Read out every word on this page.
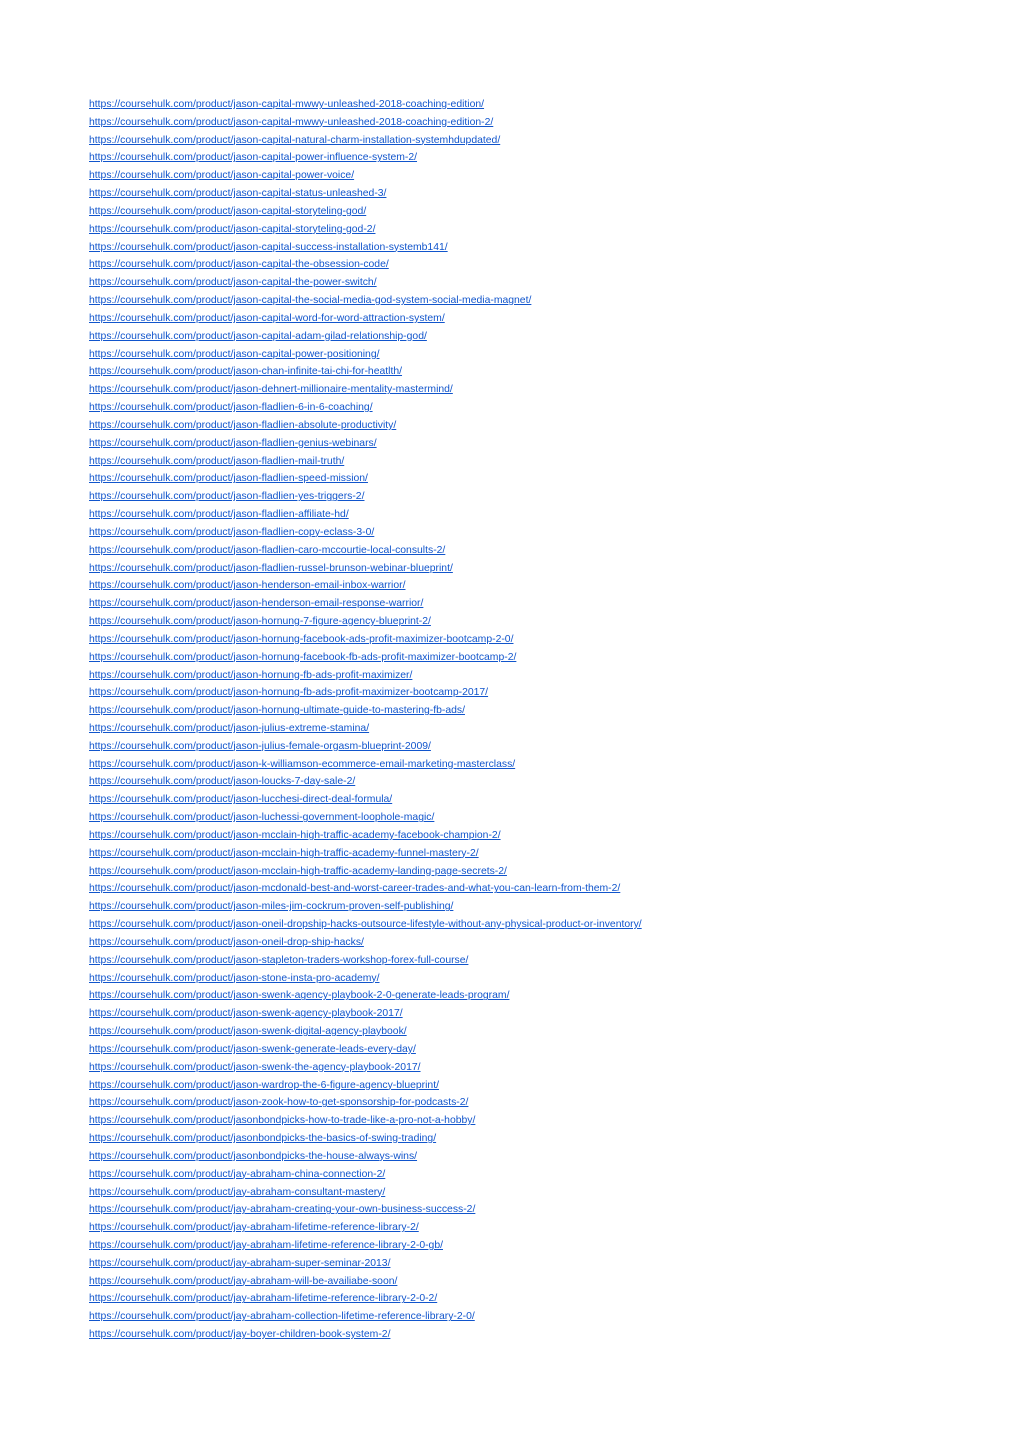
https://coursehulk.com/product/jason-capital-mwwy-unleashed-2018-coaching-edition/
https://coursehulk.com/product/jason-capital-mwwy-unleashed-2018-coaching-edition-2/
https://coursehulk.com/product/jason-capital-natural-charm-installation-systemhdupdated/
https://coursehulk.com/product/jason-capital-power-influence-system-2/
https://coursehulk.com/product/jason-capital-power-voice/
https://coursehulk.com/product/jason-capital-status-unleashed-3/
https://coursehulk.com/product/jason-capital-storyteling-god/
https://coursehulk.com/product/jason-capital-storyteling-god-2/
https://coursehulk.com/product/jason-capital-success-installation-systemb141/
https://coursehulk.com/product/jason-capital-the-obsession-code/
https://coursehulk.com/product/jason-capital-the-power-switch/
https://coursehulk.com/product/jason-capital-the-social-media-god-system-social-media-magnet/
https://coursehulk.com/product/jason-capital-word-for-word-attraction-system/
https://coursehulk.com/product/jason-capital-adam-gilad-relationship-god/
https://coursehulk.com/product/jason-capital-power-positioning/
https://coursehulk.com/product/jason-chan-infinite-tai-chi-for-heatlth/
https://coursehulk.com/product/jason-dehnert-millionaire-mentality-mastermind/
https://coursehulk.com/product/jason-fladlien-6-in-6-coaching/
https://coursehulk.com/product/jason-fladlien-absolute-productivity/
https://coursehulk.com/product/jason-fladlien-genius-webinars/
https://coursehulk.com/product/jason-fladlien-mail-truth/
https://coursehulk.com/product/jason-fladlien-speed-mission/
https://coursehulk.com/product/jason-fladlien-yes-triggers-2/
https://coursehulk.com/product/jason-fladlien-affiliate-hd/
https://coursehulk.com/product/jason-fladlien-copy-eclass-3-0/
https://coursehulk.com/product/jason-fladlien-caro-mccourtie-local-consults-2/
https://coursehulk.com/product/jason-fladlien-russel-brunson-webinar-blueprint/
https://coursehulk.com/product/jason-henderson-email-inbox-warrior/
https://coursehulk.com/product/jason-henderson-email-response-warrior/
https://coursehulk.com/product/jason-hornung-7-figure-agency-blueprint-2/
https://coursehulk.com/product/jason-hornung-facebook-ads-profit-maximizer-bootcamp-2-0/
https://coursehulk.com/product/jason-hornung-facebook-fb-ads-profit-maximizer-bootcamp-2/
https://coursehulk.com/product/jason-hornung-fb-ads-profit-maximizer/
https://coursehulk.com/product/jason-hornung-fb-ads-profit-maximizer-bootcamp-2017/
https://coursehulk.com/product/jason-hornung-ultimate-guide-to-mastering-fb-ads/
https://coursehulk.com/product/jason-julius-extreme-stamina/
https://coursehulk.com/product/jason-julius-female-orgasm-blueprint-2009/
https://coursehulk.com/product/jason-k-williamson-ecommerce-email-marketing-masterclass/
https://coursehulk.com/product/jason-loucks-7-day-sale-2/
https://coursehulk.com/product/jason-lucchesi-direct-deal-formula/
https://coursehulk.com/product/jason-luchessi-government-loophole-magic/
https://coursehulk.com/product/jason-mcclain-high-traffic-academy-facebook-champion-2/
https://coursehulk.com/product/jason-mcclain-high-traffic-academy-funnel-mastery-2/
https://coursehulk.com/product/jason-mcclain-high-traffic-academy-landing-page-secrets-2/
https://coursehulk.com/product/jason-mcdonald-best-and-worst-career-trades-and-what-you-can-learn-from-them-2/
https://coursehulk.com/product/jason-miles-jim-cockrum-proven-self-publishing/
https://coursehulk.com/product/jason-oneil-dropship-hacks-outsource-lifestyle-without-any-physical-product-or-inventory/
https://coursehulk.com/product/jason-oneil-drop-ship-hacks/
https://coursehulk.com/product/jason-stapleton-traders-workshop-forex-full-course/
https://coursehulk.com/product/jason-stone-insta-pro-academy/
https://coursehulk.com/product/jason-swenk-agency-playbook-2-0-generate-leads-program/
https://coursehulk.com/product/jason-swenk-agency-playbook-2017/
https://coursehulk.com/product/jason-swenk-digital-agency-playbook/
https://coursehulk.com/product/jason-swenk-generate-leads-every-day/
https://coursehulk.com/product/jason-swenk-the-agency-playbook-2017/
https://coursehulk.com/product/jason-wardrop-the-6-figure-agency-blueprint/
https://coursehulk.com/product/jason-zook-how-to-get-sponsorship-for-podcasts-2/
https://coursehulk.com/product/jasonbondpicks-how-to-trade-like-a-pro-not-a-hobby/
https://coursehulk.com/product/jasonbondpicks-the-basics-of-swing-trading/
https://coursehulk.com/product/jasonbondpicks-the-house-always-wins/
https://coursehulk.com/product/jay-abraham-china-connection-2/
https://coursehulk.com/product/jay-abraham-consultant-mastery/
https://coursehulk.com/product/jay-abraham-creating-your-own-business-success-2/
https://coursehulk.com/product/jay-abraham-lifetime-reference-library-2/
https://coursehulk.com/product/jay-abraham-lifetime-reference-library-2-0-gb/
https://coursehulk.com/product/jay-abraham-super-seminar-2013/
https://coursehulk.com/product/jay-abraham-will-be-availiabe-soon/
https://coursehulk.com/product/jay-abraham-lifetime-reference-library-2-0-2/
https://coursehulk.com/product/jay-abraham-collection-lifetime-reference-library-2-0/
https://coursehulk.com/product/jay-boyer-children-book-system-2/
